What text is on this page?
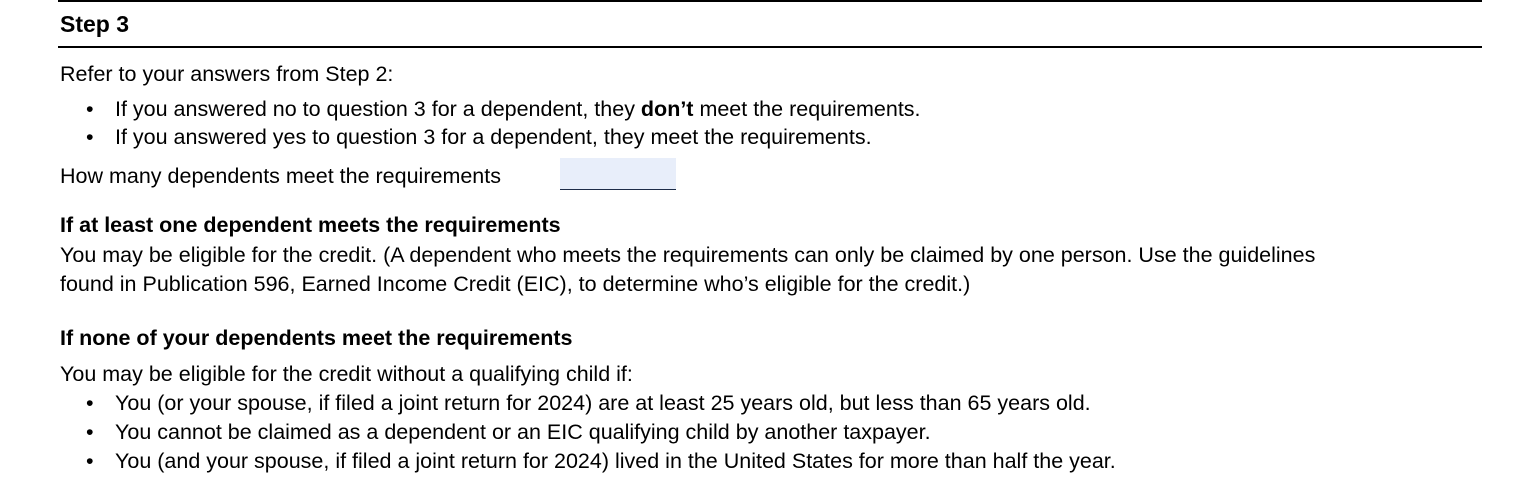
Step 3
Refer to your answers from Step 2:
• If you answered no to question 3 for a dependent, they don’t meet the requirements.
• If you answered yes to question 3 for a dependent, they meet the requirements.
How many dependents meet the requirements
If at least one dependent meets the requirements
You may be eligible for the credit. (A dependent who meets the requirements can only be claimed by one person. Use the guidelines
found in Publication 596, Earned Income Credit (EIC), to determine who’s eligible for the credit.)
If none of your dependents meet the requirements
You may be eligible for the credit without a qualifying child if:
• You (or your spouse, if filed a joint return for 2024) are at least 25 years old, but less than 65 years old.
• You cannot be claimed as a dependent or an EIC qualifying child by another taxpayer.
• You (and your spouse, if filed a joint return for 2024) lived in the United States for more than half the year.
